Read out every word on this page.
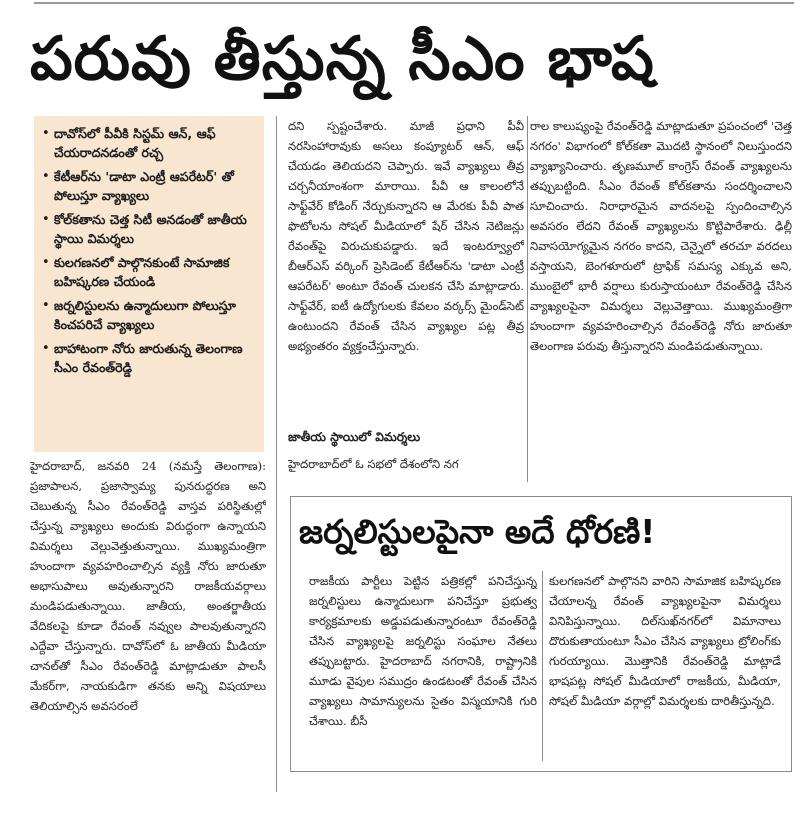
పరువు తీస్తున్న సీఎం భాష
• దావోస్‌లో పీవీకి సిస్టమ్ ఆన్, ఆఫ్ చేయరాదనడంతో రచ్చ
• కేటీఆర్‌ను 'డాటా ఎంట్రీ ఆపరేటర్' తో పోలుస్తూ వ్యాఖ్యలు
• కోల్‌కతాను చెత్త సిటీ అనడంతో జాతీయ స్థాయి విమర్శలు
• కులగణనలో పాల్గొనకుంటే సామాజిక బహిష్కరణ చేయండి
• జర్నలిస్టులను ఉన్మాదులుగా పోలుస్తూ కించపరిచే వ్యాఖ్యలు
• బాహాటంగా నోరు జారుతున్న తెలంగాణ సీఎం రేవంత్‌రెడ్డి

హైదరాబాద్, జనవరి 24 (నమస్తే తెలంగాణ): ప్రజాపాలన, ప్రజాస్వామ్య పునరుద్ధరణ అని చెబుతున్న సీఎం రేవంత్‌రెడ్డి వాస్తవ పరిస్థితుల్లో చేస్తున్న వ్యాఖ్యలు అందుకు విరుద్ధంగా ఉన్నాయని విమర్శలు వెల్లువెత్తుతున్నాయి. ముఖ్యమంత్రిగా హుందాగా వ్యవహరించాల్సిన వ్యక్తి నోరు జారుతూ అభాసుపాలు అవుతున్నారని రాజకీయవర్గాలు మండిపడుతున్నాయి. జాతీయ, అంతర్జాతీయ వేదికలపై కూడా రేవంత్ నవ్వుల పాలవుతున్నారని ఎద్దేవా చేస్తున్నారు. దావోస్‌లో ఓ జాతీయ మీడియా చానల్‌తో సీఎం రేవంత్‌రెడ్డి మాట్లాడుతూ పాలసీ మేకర్‌గా, నాయకుడిగా తనకు అన్ని విషయాలు తెలియాల్సిన అవసరంలే

దని స్పష్టంచేశారు. మాజీ ప్రధాని పీవీ నరసింహారావుకు అసలు కంప్యూటర్ ఆన్, ఆఫ్ చేయడం తెలియదని చెప్పారు. ఇవే వ్యాఖ్యలు తీవ్ర చర్చనీయాంశంగా మారాయి. పీవీ ఆ కాలంలోనే సాఫ్ట్‌వేర్ కోడింగ్ నేర్చుకున్నారని ఆ మేరకు పీవీ పాత ఫొటోలను సోషల్ మీడియాలో షేర్ చేసిన నెటిజన్లు రేవంత్‌పై విరుచుకుపడ్డారు. ఇదే ఇంటర్వ్యూలో బీఆర్‌ఎస్ వర్కింగ్ ప్రెసిడెంట్ కేటీఆర్‌ను 'డాటా ఎంట్రీ ఆపరేటర్' అంటూ రేవంత్ చులకన చేసి మాట్లాడారు. సాఫ్ట్‌వేర్, ఐటీ ఉద్యోగులకు కేవలం వర్కర్స్ మైండ్‌సెట్ ఉంటుందని రేవంత్ చేసిన వ్యాఖ్యల పట్ల తీవ్ర అభ్యంతరం వ్యక్తంచేస్తున్నారు.

జాతీయ స్థాయిలో విమర్శలు

హైదరాబాద్‌లో ఓ సభలో దేశంలోని నగ

రాల కాలుష్యంపై రేవంత్‌రెడ్డి మాట్లాడుతూ ప్రపంచంలో 'చెత్త నగరం' విభాగంలో కోల్‌కతా మొదటి స్థానంలో నిలుస్తుందని వ్యాఖ్యానించారు. తృణమూల్ కాంగ్రెస్ రేవంత్ వ్యాఖ్యలను తప్పుబట్టింది. సీఎం రేవంత్ కోల్‌కతాను సందర్శించాలని సూచించారు. నిరాధారమైన వాదనలపై స్పందించాల్సిన అవసరం లేదని రేవంత్ వ్యాఖ్యలను కొట్టిపారేశారు. ఢిల్లీ నివాసయోగ్యమైన నగరం కాదని, చెన్నైలో తరచూ వరదలు వస్తాయని, బెంగళూరులో ట్రాఫిక్ సమస్య ఎక్కువ అని, ముంబైలో భారీ వర్షాలు కురుస్తాయంటూ రేవంత్‌రెడ్డి చేసిన వ్యాఖ్యలపైనా విమర్శలు వెల్లువెత్తాయి. ముఖ్యమంత్రిగా హుందాగా వ్యవహరించాల్సిన రేవంత్‌రెడ్డి నోరు జారుతూ తెలంగాణ పరువు తీస్తున్నారని మండిపడుతున్నాయి.

జర్నలిస్టులపైనా అదే ధోరణి!

రాజకీయ పార్టీలు పెట్టిన పత్రికల్లో పనిచేస్తున్న జర్నలిస్టులు ఉన్మాదులుగా పనిచేస్తూ ప్రభుత్వ కార్యక్రమాలకు అడ్డుపడుతున్నారంటూ రేవంత్‌రెడ్డి చేసిన వ్యాఖ్యలపై జర్నలిస్టు సంఘాల నేతలు తప్పుబట్టారు. హైదరాబాద్ నగరానికి, రాష్ట్రానికి మూడు వైపుల సముద్రం ఉండటంతో రేవంత్ చేసిన వ్యాఖ్యలు సామాన్యులను సైతం విస్మయానికి గురి చేశాయి. బీసీ

కులగణనలో పాల్గొనని వారిని సామాజిక బహిష్కరణ చేయాలన్న రేవంత్ వ్యాఖ్యలపైనా విమర్శలు వినిపిస్తున్నాయి. దిల్‌సుఖ్‌నగర్‌లో విమానాలు దొరుకుతాయంటూ సీఎం చేసిన వ్యాఖ్యలు ట్రోలింగ్‌కు గురయ్యాయి. మొత్తానికి రేవంత్‌రెడ్డి మాట్లాడే భాషపట్ల సోషల్ మీడియాలో రాజకీయ, మీడియా, సోషల్ మీడియా వర్గాల్లో విమర్శలకు దారితీస్తున్నది.
